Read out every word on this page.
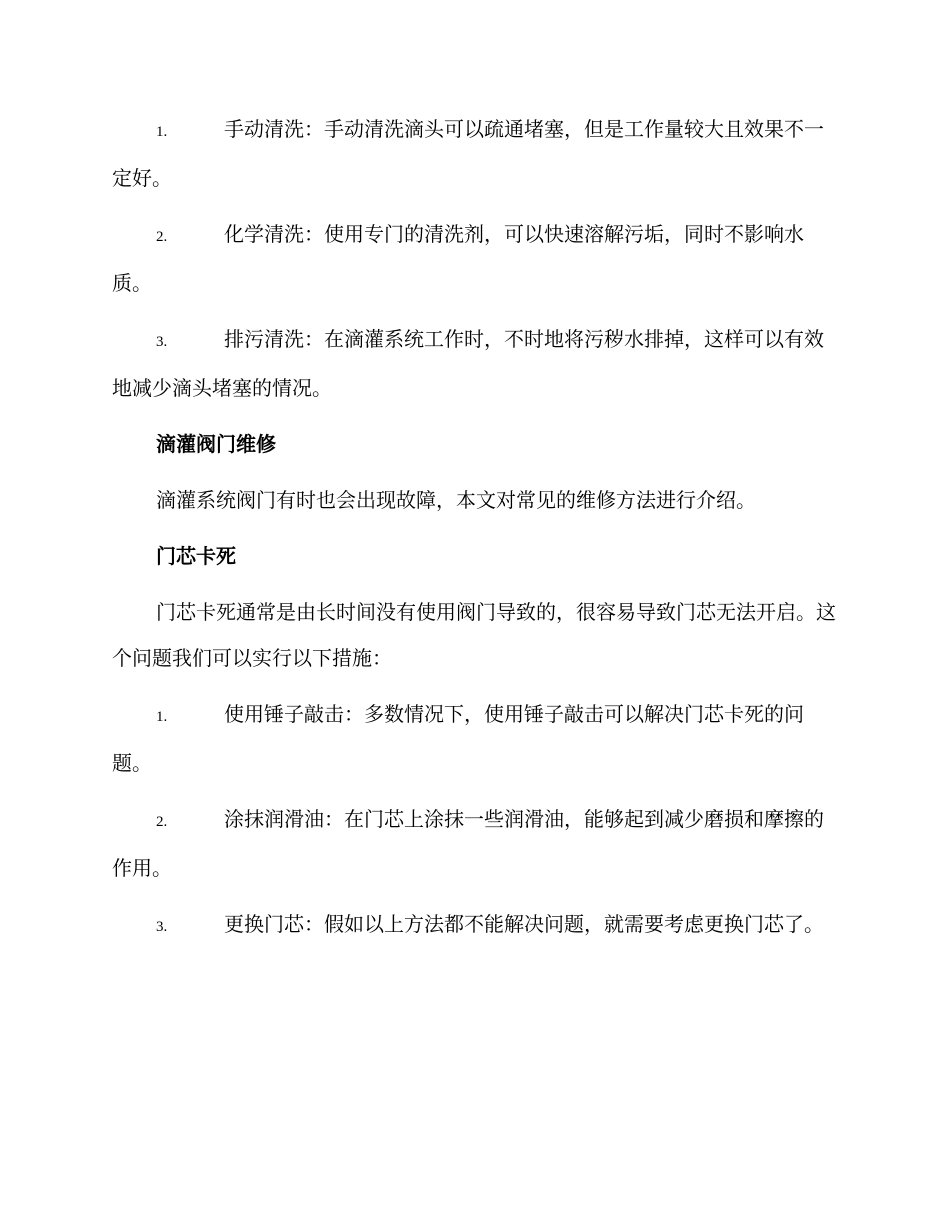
1.	手动清洗：手动清洗滴头可以疏通堵塞，但是工作量较大且效果不一定好。
2.	化学清洗：使用专门的清洗剂，可以快速溶解污垢，同时不影响水质。
3.	排污清洗：在滴灌系统工作时，不时地将污秽水排掉，这样可以有效地减少滴头堵塞的情况。
滴灌阀门维修
滴灌系统阀门有时也会出现故障，本文对常见的维修方法进行介绍。
门芯卡死
门芯卡死通常是由长时间没有使用阀门导致的，很容易导致门芯无法开启。这个问题我们可以实行以下措施：
1.	使用锤子敲击：多数情况下，使用锤子敲击可以解决门芯卡死的问题。
2.	涂抹润滑油：在门芯上涂抹一些润滑油，能够起到减少磨损和摩擦的作用。
3.	更换门芯：假如以上方法都不能解决问题，就需要考虑更换门芯了。
